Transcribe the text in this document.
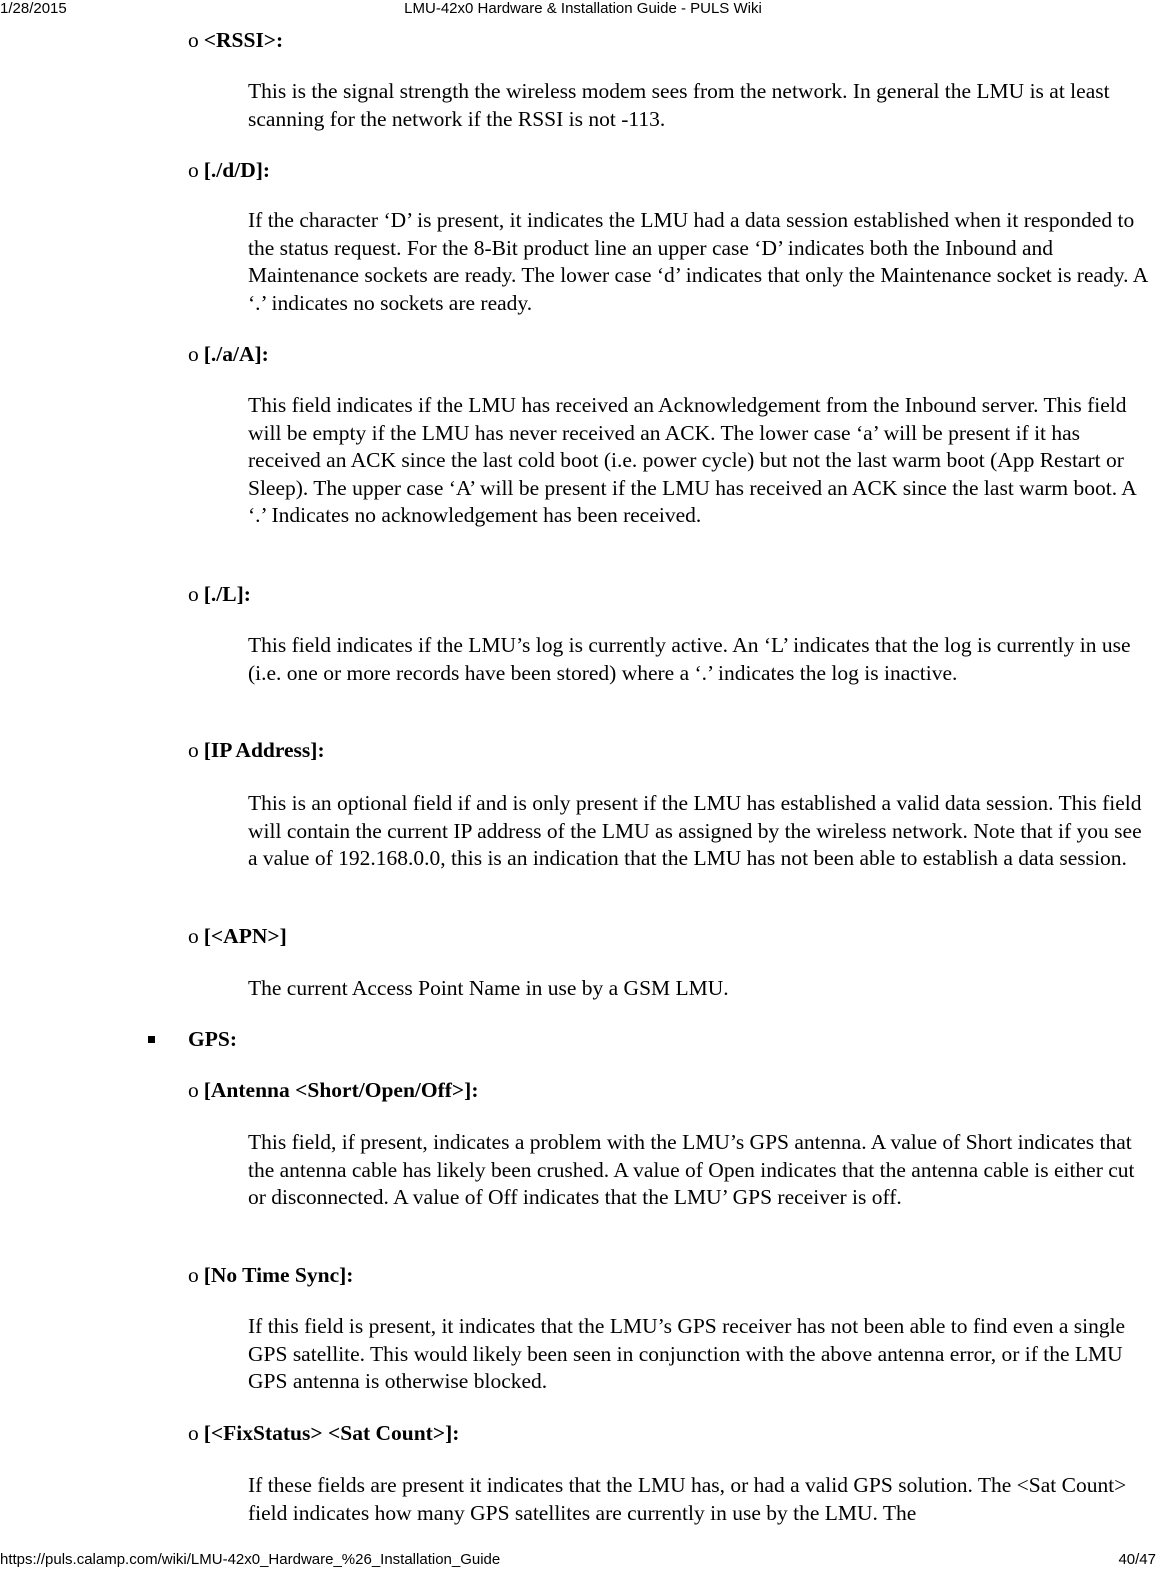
1/28/2015	LMU-42x0 Hardware & Installation Guide - PULS Wiki
o <RSSI>:

This is the signal strength the wireless modem sees from the network. In general the LMU is at least scanning for the network if the RSSI is not -113.

o [./d/D]:

If the character ‘D’ is present, it indicates the LMU had a data session established when it responded to the status request. For the 8-Bit product line an upper case ‘D’ indicates both the Inbound and Maintenance sockets are ready. The lower case ‘d’ indicates that only the Maintenance socket is ready. A ‘.’ indicates no sockets are ready.

o [./a/A]:

This field indicates if the LMU has received an Acknowledgement from the Inbound server. This field will be empty if the LMU has never received an ACK. The lower case ‘a’ will be present if it has received an ACK since the last cold boot (i.e. power cycle) but not the last warm boot (App Restart or Sleep). The upper case ‘A’ will be present if the LMU has received an ACK since the last warm boot. A ‘.’ Indicates no acknowledgement has been received.

o [./L]:

This field indicates if the LMU’s log is currently active. An ‘L’ indicates that the log is currently in use (i.e. one or more records have been stored) where a ‘.’ indicates the log is inactive.

o [IP Address]:

This is an optional field if and is only present if the LMU has established a valid data session. This field will contain the current IP address of the LMU as assigned by the wireless network. Note that if you see a value of 192.168.0.0, this is an indication that the LMU has not been able to establish a data session.

o [<APN>]

The current Access Point Name in use by a GSM LMU.

GPS:
o [Antenna <Short/Open/Off>]:

This field, if present, indicates a problem with the LMU’s GPS antenna. A value of Short indicates that the antenna cable has likely been crushed. A value of Open indicates that the antenna cable is either cut or disconnected. A value of Off indicates that the LMU’ GPS receiver is off.

o [No Time Sync]:

If this field is present, it indicates that the LMU’s GPS receiver has not been able to find even a single GPS satellite. This would likely been seen in conjunction with the above antenna error, or if the LMU GPS antenna is otherwise blocked.

o [<FixStatus> <Sat Count>]:

If these fields are present it indicates that the LMU has, or had a valid GPS solution. The <Sat Count> field indicates how many GPS satellites are currently in use by the LMU. The

https://puls.calamp.com/wiki/LMU-42x0_Hardware_%26_Installation_Guide	40/47
